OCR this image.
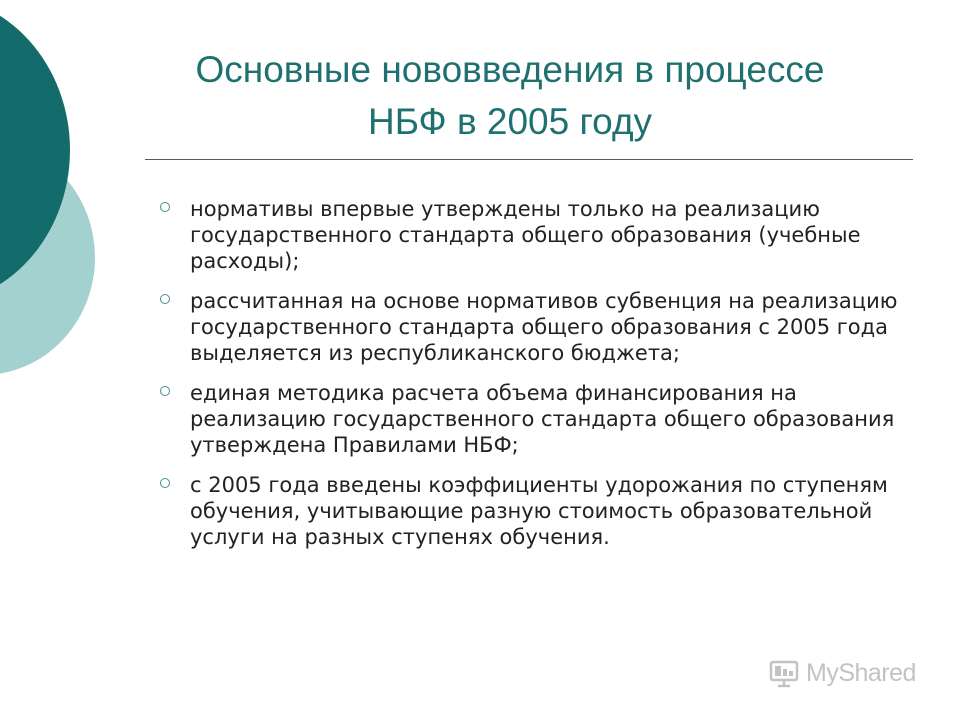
Основные нововведения в процессе
НБФ в 2005 году
нормативы впервые утверждены только на реализацию государственного стандарта общего образования (учебные расходы);
рассчитанная на основе нормативов субвенция на реализацию государственного стандарта общего образования с 2005 года выделяется из республиканского бюджета;
единая методика расчета объема финансирования на реализацию государственного стандарта общего образования утверждена Правилами НБФ;
с 2005 года введены коэффициенты удорожания по ступеням обучения, учитывающие разную стоимость образовательной услуги на разных ступенях обучения.
MyShared
